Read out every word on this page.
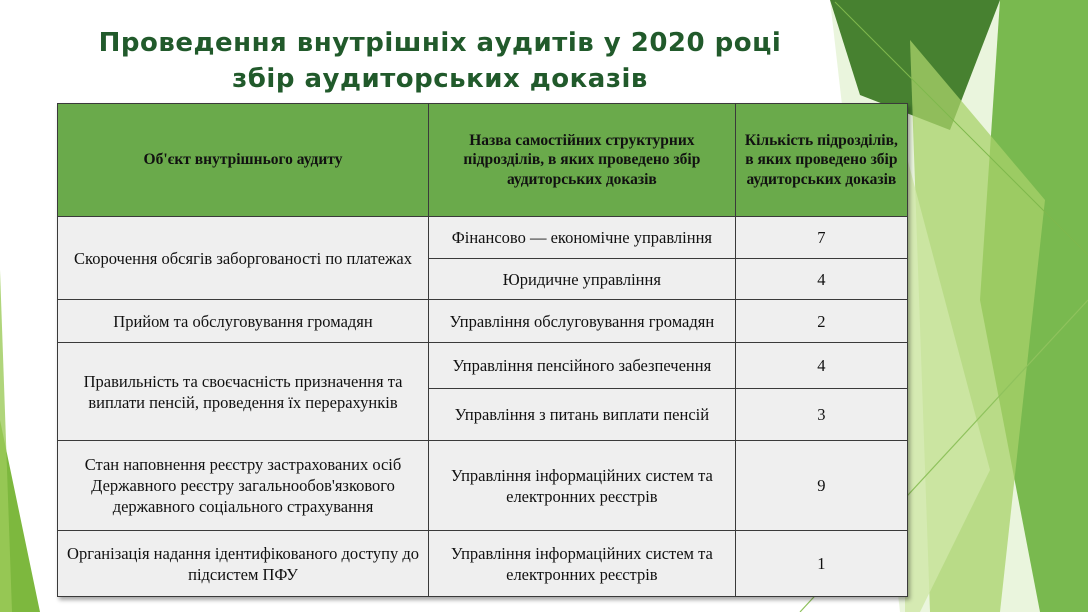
Проведення внутрішніх аудитів у 2020 році
збір аудиторських доказів
Об'єкт внутрішнього аудиту	Назва самостійних структурних підрозділів, в яких проведено збір аудиторських доказів	Кількість підрозділів, в яких проведено збір аудиторських доказів
Скорочення обсягів заборгованості по платежах	Фінансово — економічне управління	7
	Юридичне управління	4
Прийом та обслуговування громадян	Управління обслуговування громадян	2
Правильність та своєчасність призначення та виплати пенсій, проведення їх перерахунків	Управління пенсійного забезпечення	4
	Управління з питань виплати пенсій	3
Стан наповнення реєстру застрахованих осіб Державного реєстру загальнообов'язкового державного соціального страхування	Управління інформаційних систем та електронних реєстрів	9
Організація надання ідентифікованого доступу до підсистем ПФУ	Управління інформаційних систем та електронних реєстрів	1
